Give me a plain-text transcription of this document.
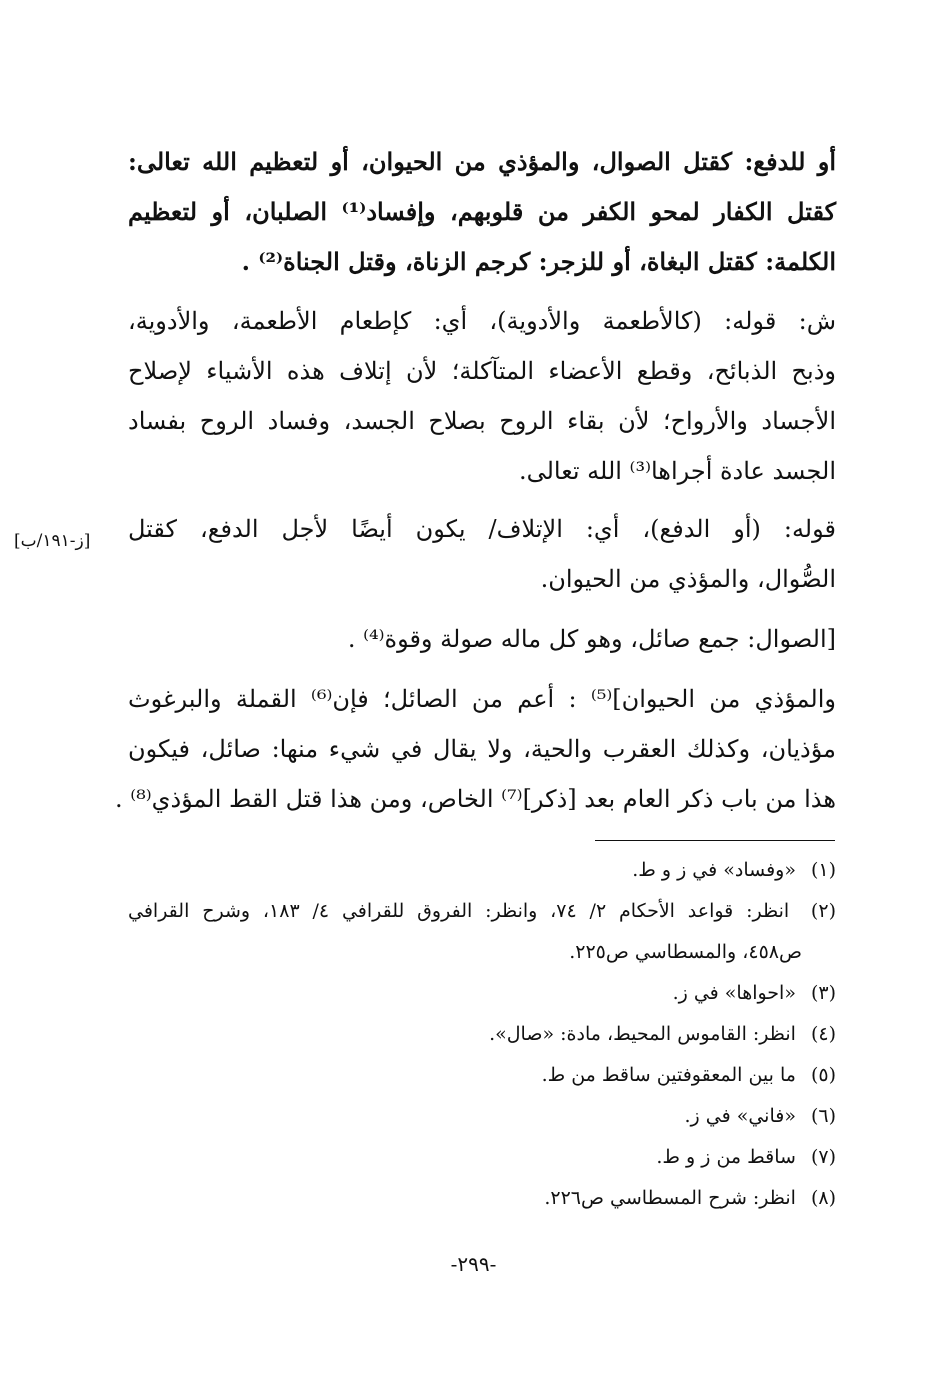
أو للدفع: كقتل الصوال، والمؤذي من الحيوان، أو لتعظيم الله تعالى:
كقتل الكفار لمحو الكفر من قلوبهم، وإفساد⁽¹⁾ الصلبان، أو لتعظيم
الكلمة: كقتل البغاة، أو للزجر: كرجم الزناة، وقتل الجناة⁽²⁾ .
ش: قوله: (كالأطعمة والأدوية)، أي: كإطعام الأطعمة، والأدوية،
وذبح الذبائح، وقطع الأعضاء المتآكلة؛ لأن إتلاف هذه الأشياء لإصلاح
الأجساد والأرواح؛ لأن بقاء الروح بصلاح الجسد، وفساد الروح بفساد
الجسد عادة أجراها⁽³⁾ الله تعالى.
قوله: (أو الدفع)، أي: الإتلاف/ يكون أيضًا لأجل الدفع، كقتل
الصُّوال، والمؤذي من الحيوان.
[ز-١٩١/ب]
[الصوال: جمع صائل، وهو كل ماله صولة وقوة⁽⁴⁾ .
والمؤذي من الحيوان]⁽⁵⁾ : أعم من الصائل؛ فإن⁽⁶⁾ القملة والبرغوث
مؤذيان، وكذلك العقرب والحية، ولا يقال في شيء منها: صائل، فيكون
هذا من باب ذكر العام بعد [ذكر]⁽⁷⁾ الخاص، ومن هذا قتل القط المؤذي⁽⁸⁾ .
(١) «وفساد» في ز و ط.
(٢) انظر: قواعد الأحكام ٢/ ٧٤، وانظر: الفروق للقرافي ٤/ ١٨٣، وشرح القرافي
ص٤٥٨، والمسطاسي ص٢٢٥.
(٣) «احواها» في ز.
(٤) انظر: القاموس المحيط، مادة: «صال».
(٥) ما بين المعقوفتين ساقط من ط.
(٦) «فاني» في ز.
(٧) ساقط من ز و ط.
(٨) انظر: شرح المسطاسي ص٢٢٦.
-٢٩٩-
